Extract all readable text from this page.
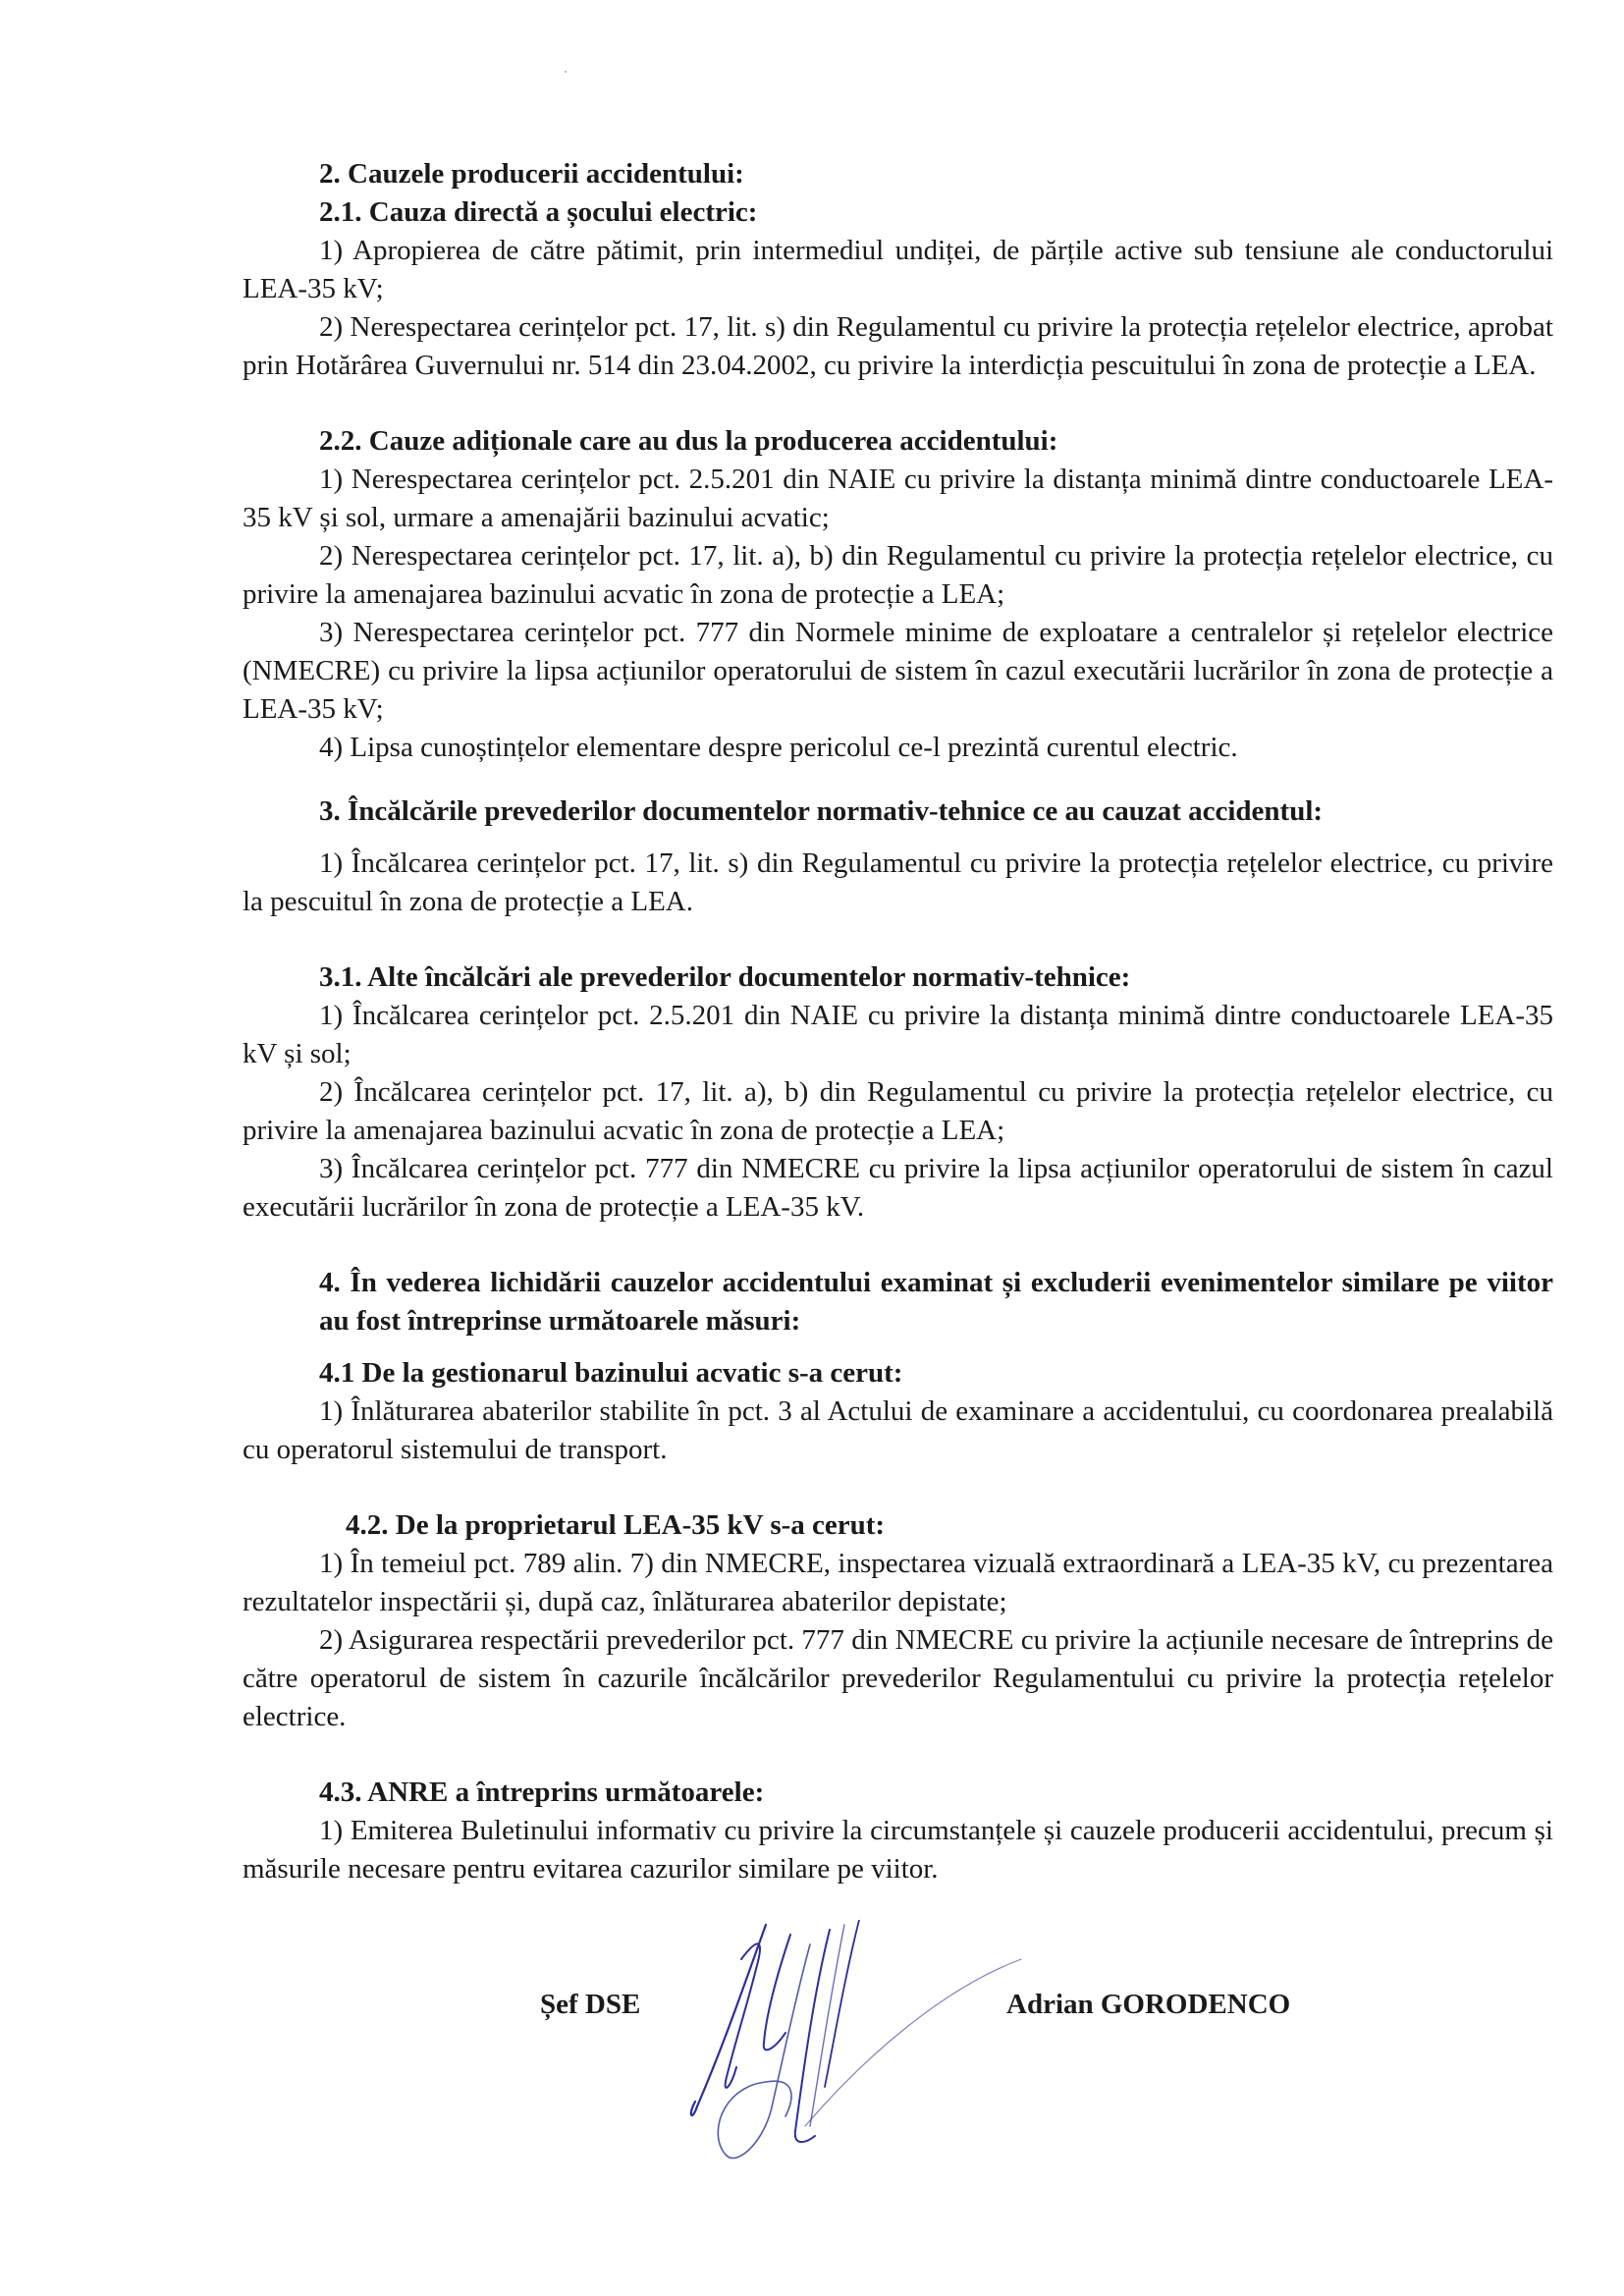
2. Cauzele producerii accidentului:
2.1. Cauza directă a șocului electric:
1) Apropierea de către pătimit, prin intermediul undiței, de părțile active sub tensiune ale conductorului LEA-35 kV;
2) Nerespectarea cerințelor pct. 17, lit. s) din Regulamentul cu privire la protecția rețelelor electrice, aprobat prin Hotărârea Guvernului nr. 514 din 23.04.2002, cu privire la interdicția pescuitului în zona de protecție a LEA.
2.2. Cauze adiționale care au dus la producerea accidentului:
1) Nerespectarea cerințelor pct. 2.5.201 din NAIE cu privire la distanța minimă dintre conductoarele LEA-35 kV și sol, urmare a amenajării bazinului acvatic;
2) Nerespectarea cerințelor pct. 17, lit. a), b) din Regulamentul cu privire la protecția rețelelor electrice, cu privire la amenajarea bazinului acvatic în zona de protecție a LEA;
3) Nerespectarea cerințelor pct. 777 din Normele minime de exploatare a centralelor și rețelelor electrice (NMECRE) cu privire la lipsa acțiunilor operatorului de sistem în cazul executării lucrărilor în zona de protecție a LEA-35 kV;
4) Lipsa cunoștințelor elementare despre pericolul ce-l prezintă curentul electric.
3. Încălcările prevederilor documentelor normativ-tehnice ce au cauzat accidentul:
1) Încălcarea cerințelor pct. 17, lit. s) din Regulamentul cu privire la protecția rețelelor electrice, cu privire la pescuitul în zona de protecție a LEA.
3.1. Alte încălcări ale prevederilor documentelor normativ-tehnice:
1) Încălcarea cerințelor pct. 2.5.201 din NAIE cu privire la distanța minimă dintre conductoarele LEA-35 kV și sol;
2) Încălcarea cerințelor pct. 17, lit. a), b) din Regulamentul cu privire la protecția rețelelor electrice, cu privire la amenajarea bazinului acvatic în zona de protecție a LEA;
3) Încălcarea cerințelor pct. 777 din NMECRE cu privire la lipsa acțiunilor operatorului de sistem în cazul executării lucrărilor în zona de protecție a LEA-35 kV.
4. În vederea lichidării cauzelor accidentului examinat și excluderii evenimentelor similare pe viitor au fost întreprinse următoarele măsuri:
4.1 De la gestionarul bazinului acvatic s-a cerut:
1) Înlăturarea abaterilor stabilite în pct. 3 al Actului de examinare a accidentului, cu coordonarea prealabilă cu operatorul sistemului de transport.
4.2. De la proprietarul LEA-35 kV s-a cerut:
1) În temeiul pct. 789 alin. 7) din NMECRE, inspectarea vizuală extraordinară a LEA-35 kV, cu prezentarea rezultatelor inspectării și, după caz, înlăturarea abaterilor depistate;
2) Asigurarea respectării prevederilor pct. 777 din NMECRE cu privire la acțiunile necesare de întreprins de către operatorul de sistem în cazurile încălcărilor prevederilor Regulamentului cu privire la protecția rețelelor electrice.
4.3. ANRE a întreprins următoarele:
1) Emiterea Buletinului informativ cu privire la circumstanțele și cauzele producerii accidentului, precum și măsurile necesare pentru evitarea cazurilor similare pe viitor.
Șef DSE	Adrian GORODENCO
